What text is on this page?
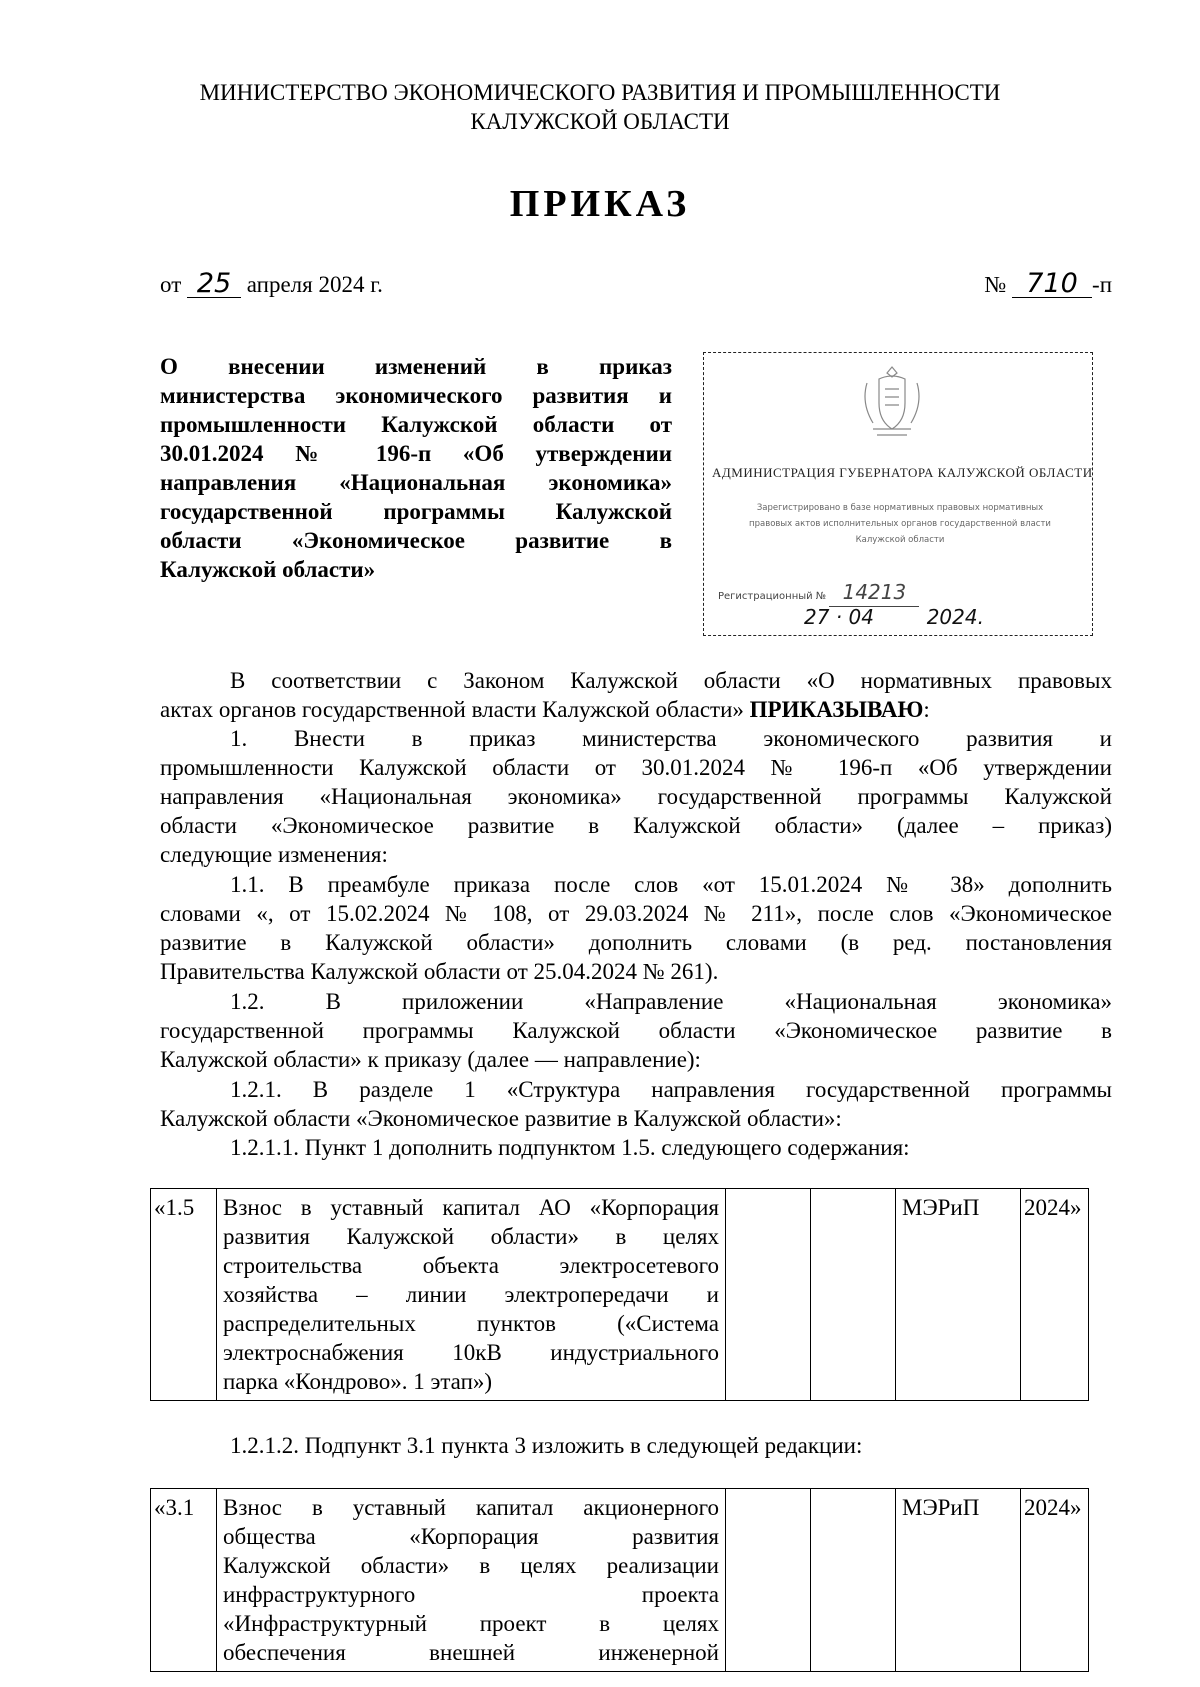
МИНИСТЕРСТВО ЭКОНОМИЧЕСКОГО РАЗВИТИЯ И ПРОМЫШЛЕННОСТИ
КАЛУЖСКОЙ ОБЛАСТИ
ПРИКАЗ
от 25 апреля 2024 г.	№ 710 -п
О внесении изменений в приказ
министерства экономического развития и
промышленности Калужской области от
30.01.2024 № 196-п «Об утверждении
направления «Национальная экономика»
государственной программы Калужской
области «Экономическое развитие в
Калужской области»
АДМИНИСТРАЦИЯ ГУБЕРНАТОРА КАЛУЖСКОЙ ОБЛАСТИ
Зарегистрировано в базе нормативных правовых нормативных
правовых актов исполнительных органов государственной власти
Калужской области
Регистрационный № 14213
27 · 04	2024.
В соответствии с Законом Калужской области «О нормативных правовых
актах органов государственной власти Калужской области» ПРИКАЗЫВАЮ:
1. Внести в приказ министерства экономического развития и
промышленности Калужской области от 30.01.2024 № 196-п «Об утверждении
направления «Национальная экономика» государственной программы Калужской
области «Экономическое развитие в Калужской области» (далее – приказ)
следующие изменения:
1.1. В преамбуле приказа после слов «от 15.01.2024 № 38» дополнить
словами «, от 15.02.2024 № 108, от 29.03.2024 № 211», после слов «Экономическое
развитие в Калужской области» дополнить словами (в ред. постановления
Правительства Калужской области от 25.04.2024 № 261).
1.2. В приложении «Направление «Национальная экономика»
государственной программы Калужской области «Экономическое развитие в
Калужской области» к приказу (далее — направление):
1.2.1. В разделе 1 «Структура направления государственной программы
Калужской области «Экономическое развитие в Калужской области»:
1.2.1.1. Пункт 1 дополнить подпунктом 1.5. следующего содержания:
«1.5	Взнос в уставный капитал АО «Корпорация
развития Калужской области» в целях
строительства объекта электросетевого
хозяйства – линии электропередачи и
распределительных пунктов («Система
электроснабжения 10кВ индустриального
парка «Кондрово». 1 этап»)
			МЭРиП	2024»
1.2.1.2. Подпункт 3.1 пункта 3 изложить в следующей редакции:
«3.1	Взнос в уставный капитал акционерного
общества «Корпорация развития
Калужской области» в целях реализации
инфраструктурного проекта
«Инфраструктурный проект в целях
обеспечения внешней инженерной
			МЭРиП	2024»
